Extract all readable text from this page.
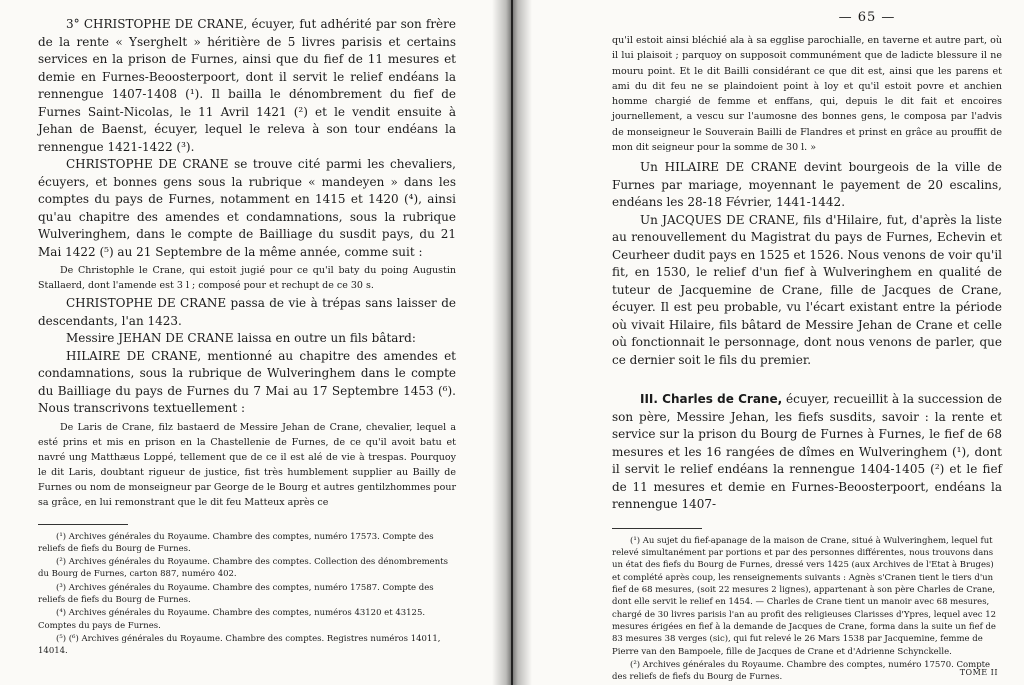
3° CHRISTOPHE DE CRANE, écuyer, fut adhérité par son frère de la rente « Yserghelt » héritière de 5 livres parisis et certains services en la prison de Furnes, ainsi que du fief de 11 mesures et demie en Furnes-Beoosterpoort, dont il servit le relief endéans la rennengue 1407-1408 (¹). Il bailla le dénombrement du fief de Furnes Saint-Nicolas, le 11 Avril 1421 (²) et le vendit ensuite à Jehan de Baenst, écuyer, lequel le releva à son tour endéans la rennengue 1421-1422 (³).

CHRISTOPHE DE CRANE se trouve cité parmi les chevaliers, écuyers, et bonnes gens sous la rubrique « mandeyen » dans les comptes du pays de Furnes, notamment en 1415 et 1420 (⁴), ainsi qu'au chapitre des amendes et condamnations, sous la rubrique Wulveringhem, dans le compte de Bailliage du susdit pays, du 21 Mai 1422 (⁵) au 21 Septembre de la même année, comme suit :

De Christophle le Crane, qui estoit jugié pour ce qu'il baty du poing Augustin Stallaerd, dont l'amende est 3 l ; composé pour et rechupt de ce 30 s.

CHRISTOPHE DE CRANE passa de vie à trépas sans laisser de descendants, l'an 1423.

Messire JEHAN DE CRANE laissa en outre un fils bâtard:

HILAIRE DE CRANE, mentionné au chapitre des amendes et condamnations, sous la rubrique de Wulveringhem dans le compte du Bailliage du pays de Furnes du 7 Mai au 17 Septembre 1453 (⁶). Nous transcrivons textuellement :

De Laris de Crane, filz bastaerd de Messire Jehan de Crane, chevalier, lequel a esté prins et mis en prison en la Chastellenie de Furnes, de ce qu'il avoit batu et navré ung Matthæus Loppé, tellement que de ce il est alé de vie à trespas. Pourquoy le dit Laris, doubtant rigueur de justice, fist très humblement supplier au Bailly de Furnes ou nom de monseigneur par George de le Bourg et autres gentilzhommes pour sa grâce, en lui remonstrant que le dit feu Matteux après ce

(¹) Archives générales du Royaume. Chambre des comptes, numéro 17573. Compte des reliefs de fiefs du Bourg de Furnes.

(²) Archives générales du Royaume. Chambre des comptes. Collection des dénombrements du Bourg de Furnes, carton 887, numéro 402.

(³) Archives générales du Royaume. Chambre des comptes, numéro 17587. Compte des reliefs de fiefs du Bourg de Furnes.

(⁴) Archives générales du Royaume. Chambre des comptes, numéros 43120 et 43125. Comptes du pays de Furnes.

(⁵) (⁶) Archives générales du Royaume. Chambre des comptes. Registres numéros 14011, 14014.

— 65 —

qu'il estoit ainsi bléchié ala à sa egglise parochialle, en taverne et autre part, où il lui plaisoit ; parquoy on supposoit communément que de ladicte blessure il ne mouru point. Et le dit Bailli considérant ce que dit est, ainsi que les parens et ami du dit feu ne se plaindoient point à loy et qu'il estoit povre et anchien homme chargié de femme et enffans, qui, depuis le dit fait et encoires journellement, a vescu sur l'aumosne des bonnes gens, le composa par l'advis de monseigneur le Souverain Bailli de Flandres et prinst en grâce au prouffit de mon dit seigneur pour la somme de 30 l. »

Un HILAIRE DE CRANE devint bourgeois de la ville de Furnes par mariage, moyennant le payement de 20 escalins, endéans les 28-18 Février, 1441-1442.

Un JACQUES DE CRANE, fils d'Hilaire, fut, d'après la liste au renouvellement du Magistrat du pays de Furnes, Echevin et Ceurheer dudit pays en 1525 et 1526. Nous venons de voir qu'il fit, en 1530, le relief d'un fief à Wulveringhem en qualité de tuteur de Jacquemine de Crane, fille de Jacques de Crane, écuyer. Il est peu probable, vu l'écart existant entre la période où vivait Hilaire, fils bâtard de Messire Jehan de Crane et celle où fonctionnait le personnage, dont nous venons de parler, que ce dernier soit le fils du premier.

III. Charles de Crane, écuyer, recueillit à la succession de son père, Messire Jehan, les fiefs susdits, savoir : la rente et service sur la prison du Bourg de Furnes à Furnes, le fief de 68 mesures et les 16 rangées de dîmes en Wulveringhem (¹), dont il servit le relief endéans la rennengue 1404-1405 (²) et le fief de 11 mesures et demie en Furnes-Beoosterpoort, endéans la rennengue 1407-

(¹) Au sujet du fief-apanage de la maison de Crane, situé à Wulveringhem, lequel fut relevé simultanément par portions et par des personnes différentes, nous trouvons dans un état des fiefs du Bourg de Furnes, dressé vers 1425 (aux Archives de l'Etat à Bruges) et complété après coup, les renseignements suivants : Agnès s'Cranen tient le tiers d'un fief de 68 mesures, (soit 22 mesures 2 lignes), appartenant à son père Charles de Crane, dont elle servit le relief en 1454. — Charles de Crane tient un manoir avec 68 mesures, chargé de 30 livres parisis l'an au profit des religieuses Clarisses d'Ypres, lequel avec 12 mesures érigées en fief à la demande de Jacques de Crane, forma dans la suite un fief de 83 mesures 38 verges (sic), qui fut relevé le 26 Mars 1538 par Jacquemine, femme de Pierre van den Bampoele, fille de Jacques de Crane et d'Adrienne Schynckelle.

(²) Archives générales du Royaume. Chambre des comptes, numéro 17570. Compte des reliefs de fiefs du Bourg de Furnes.	TOME II
